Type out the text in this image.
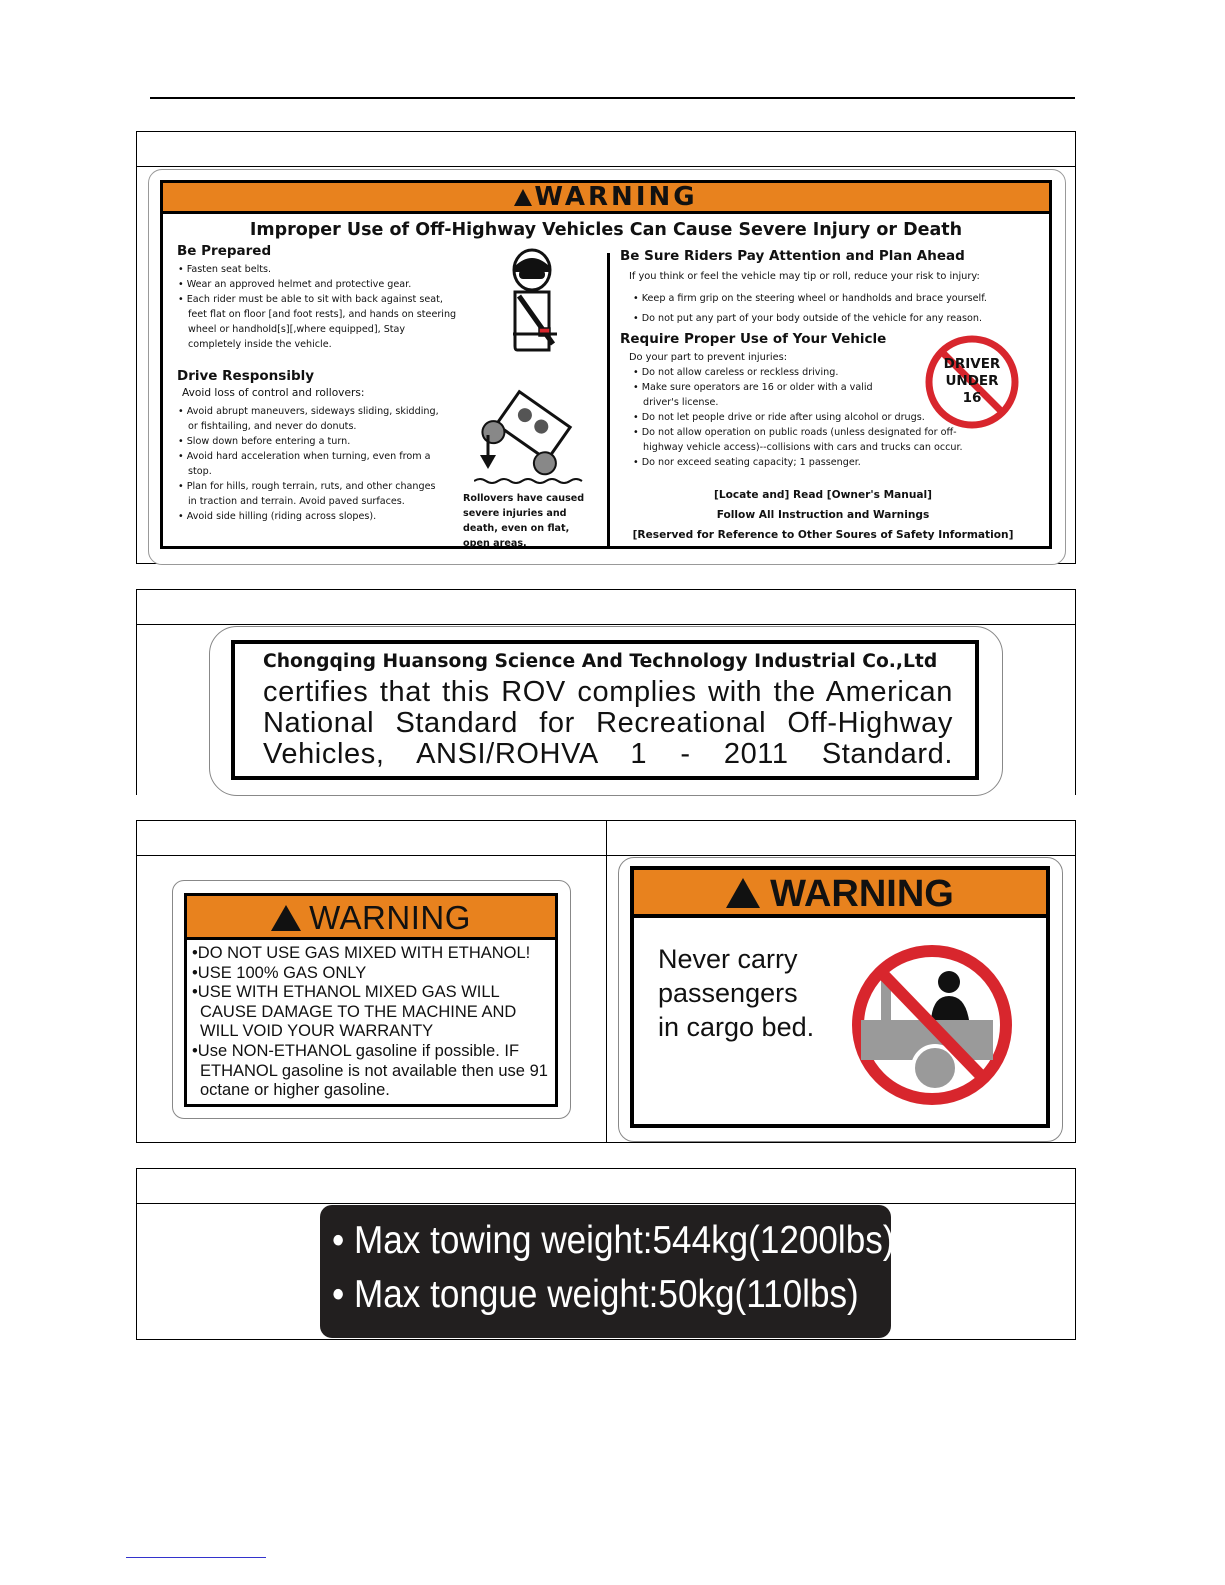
WARNING
Improper Use of Off-Highway Vehicles Can Cause Severe Injury or Death
Be Prepared
• Fasten seat belts.
• Wear an approved helmet and protective gear.
• Each rider must be able to sit with back against seat, feet flat on floor [and foot rests], and hands on steering wheel or handhold[s][,where equipped], Stay completely inside the vehicle.
Drive Responsibly
Avoid loss of control and rollovers:
• Avoid abrupt maneuvers, sideways sliding, skidding, or fishtailing, and never do donuts.
• Slow down before entering a turn.
• Avoid hard acceleration when turning, even from a stop.
• Plan for hills, rough terrain, ruts, and other changes in traction and terrain. Avoid paved surfaces.
• Avoid side hilling (riding across slopes).
Rollovers have caused severe injuries and death, even on flat, open areas.
Be Sure Riders Pay Attention and Plan Ahead
If you think or feel the vehicle may tip or roll, reduce your risk to injury:
• Keep a firm grip on the steering wheel or handholds and brace yourself.
• Do not put any part of your body outside of the vehicle for any reason.
Require Proper Use of Your Vehicle
Do your part to prevent injuries:
• Do not allow careless or reckless driving.
• Make sure operators are 16 or older with a valid driver's license.
• Do not let people drive or ride after using alcohol or drugs.
• Do not allow operation on public roads (unless designated for off-highway vehicle access)--collisions with cars and trucks can occur.
• Do nor exceed seating capacity; 1 passenger.
DRIVER
UNDER
16
[Locate and] Read [Owner's Manual]
Follow All Instruction and Warnings
[Reserved for Reference to Other Soures of Safety Information]
Chongqing Huansong Science And Technology Industrial Co.,Ltd
certifies that this ROV complies with the American
National Standard for Recreational Off-Highway
Vehicles, ANSI/ROHVA 1 - 2011 Standard.
WARNING
•DO NOT USE GAS MIXED WITH ETHANOL!
•USE 100% GAS ONLY
•USE WITH ETHANOL MIXED GAS WILL CAUSE DAMAGE TO THE MACHINE AND WILL VOID YOUR WARRANTY
•Use NON-ETHANOL gasoline if possible. IF ETHANOL gasoline is not available then use 91 octane or higher gasoline.
WARNING
Never carry
passengers
in cargo bed.
• Max towing weight:544kg(1200lbs)
• Max tongue weight:50kg(110lbs)
